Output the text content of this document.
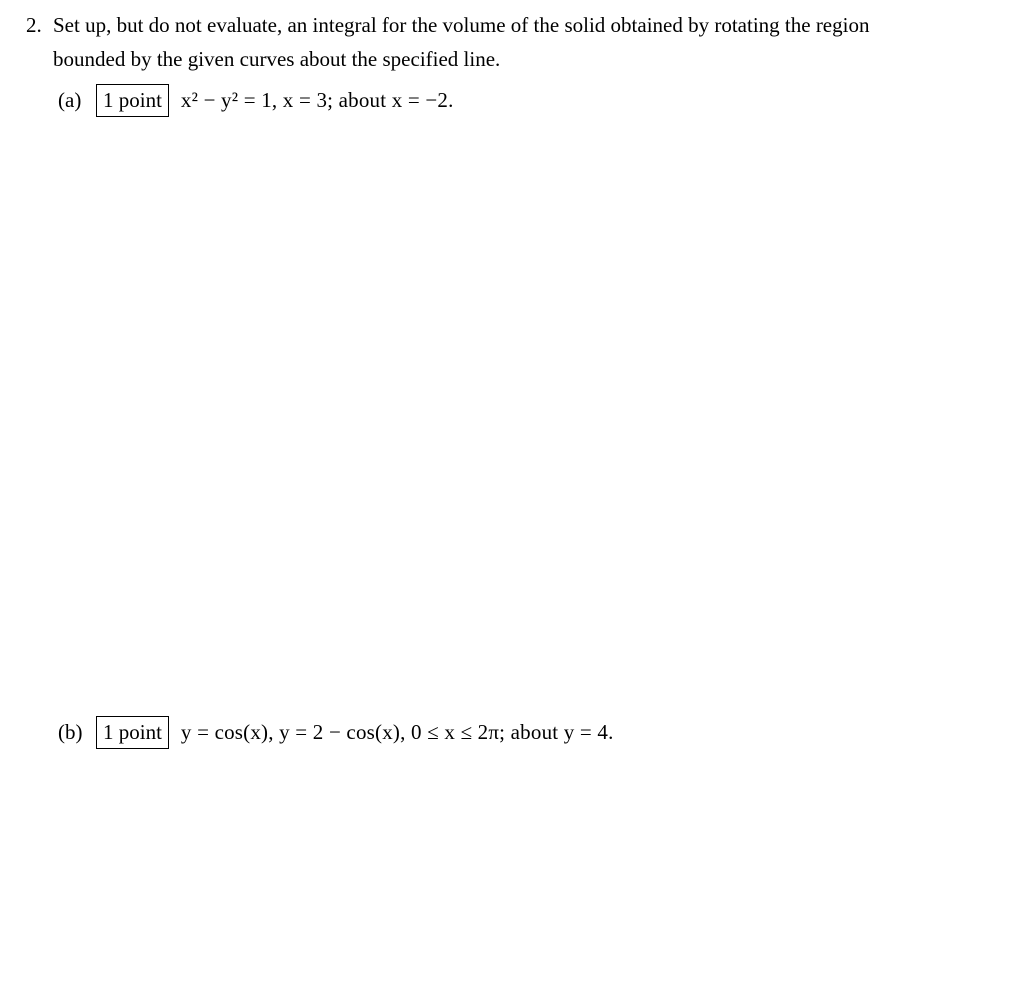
2. Set up, but do not evaluate, an integral for the volume of the solid obtained by rotating the region
bounded by the given curves about the specified line.
(a)	1 point x² − y² = 1, x = 3; about x = −2.
(b) 1 point y = cos(x), y = 2 − cos(x), 0 ≤ x ≤ 2π; about y = 4.
